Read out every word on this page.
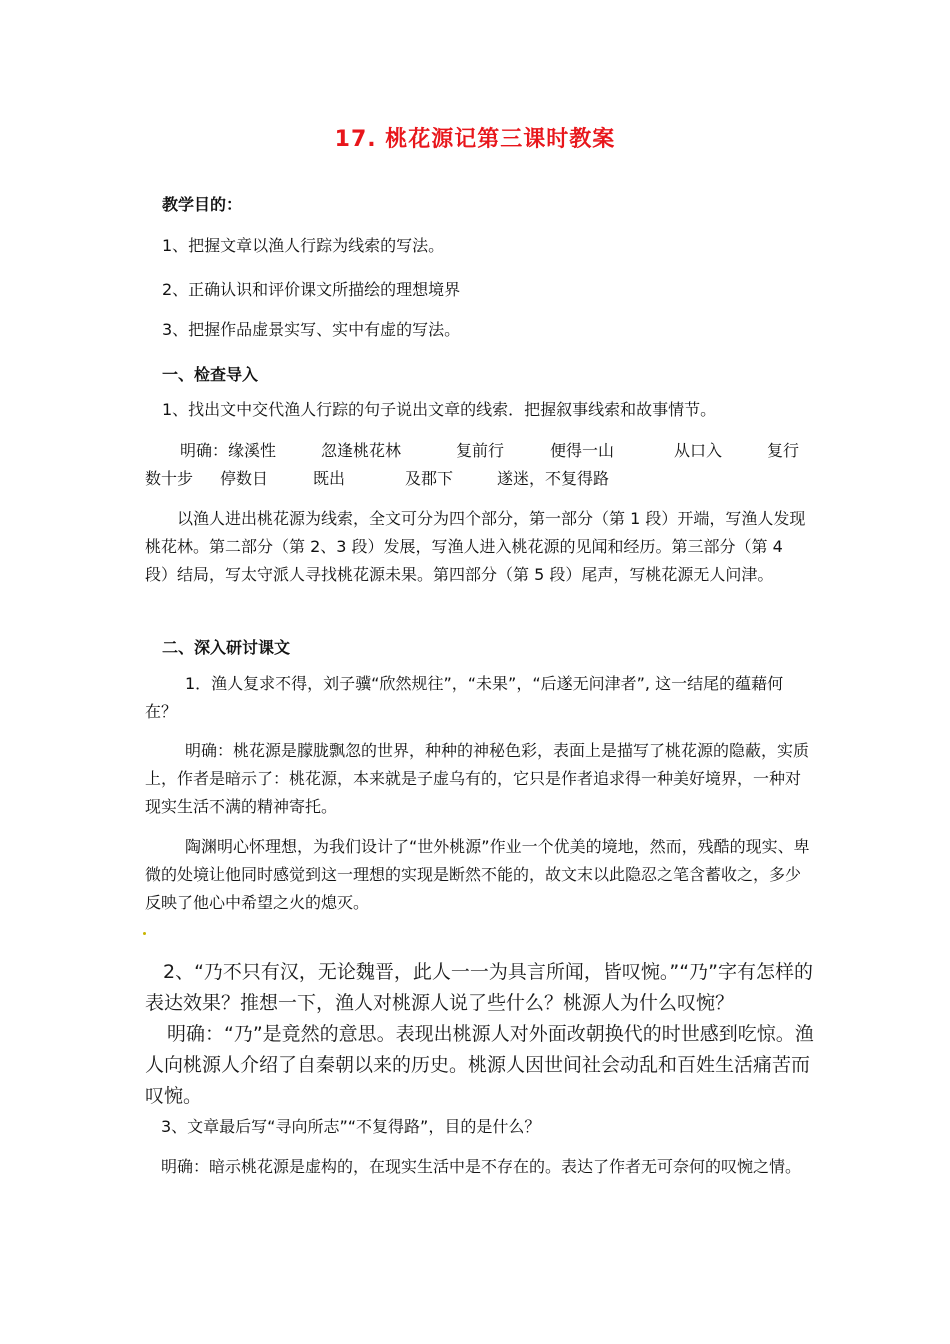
17. 桃花源记第三课时教案
教学目的：
1、把握文章以渔人行踪为线索的写法。
2、正确认识和评价课文所描绘的理想境界
3、把握作品虚景实写、实中有虚的写法。
一、检查导入
1、找出文中交代渔人行踪的句子说出文章的线索．把握叙事线索和故事情节。
明确：缘溪性	忽逢桃花林	复前行	便得一山	从口入	复行
数十步 停数日	既出	及郡下	遂迷，不复得路
以渔人进出桃花源为线索，全文可分为四个部分，第一部分（第 1 段）开端，写渔人发现桃花林。第二部分（第 2、3 段）发展，写渔人进入桃花源的见闻和经历。第三部分（第 4 段）结局，写太守派人寻找桃花源未果。第四部分（第 5 段）尾声，写桃花源无人问津。
二、深入研讨课文
1．渔人复求不得，刘子骥“欣然规往”，“未果”，“后遂无问津者”, 这一结尾的蕴藉何在？
明确：桃花源是朦胧飘忽的世界，种种的神秘色彩，表面上是描写了桃花源的隐蔽，实质上，作者是暗示了：桃花源，本来就是子虚乌有的，它只是作者追求得一种美好境界，一种对现实生活不满的精神寄托。
陶渊明心怀理想，为我们设计了“世外桃源”作业一个优美的境地，然而，残酷的现实、卑微的处境让他同时感觉到这一理想的实现是断然不能的，故文末以此隐忍之笔含蓄收之，多少反映了他心中希望之火的熄灭。
2、“乃不只有汉，无论魏晋，此人一一为具言所闻，皆叹惋。”“乃”字有怎样的表达效果？推想一下，渔人对桃源人说了些什么？桃源人为什么叹惋？
明确：“乃”是竟然的意思。表现出桃源人对外面改朝换代的时世感到吃惊。渔人向桃源人介绍了自秦朝以来的历史。桃源人因世间社会动乱和百姓生活痛苦而叹惋。
3、文章最后写“寻向所志”“不复得路”，目的是什么？
明确：暗示桃花源是虚构的，在现实生活中是不存在的。表达了作者无可奈何的叹惋之情。
